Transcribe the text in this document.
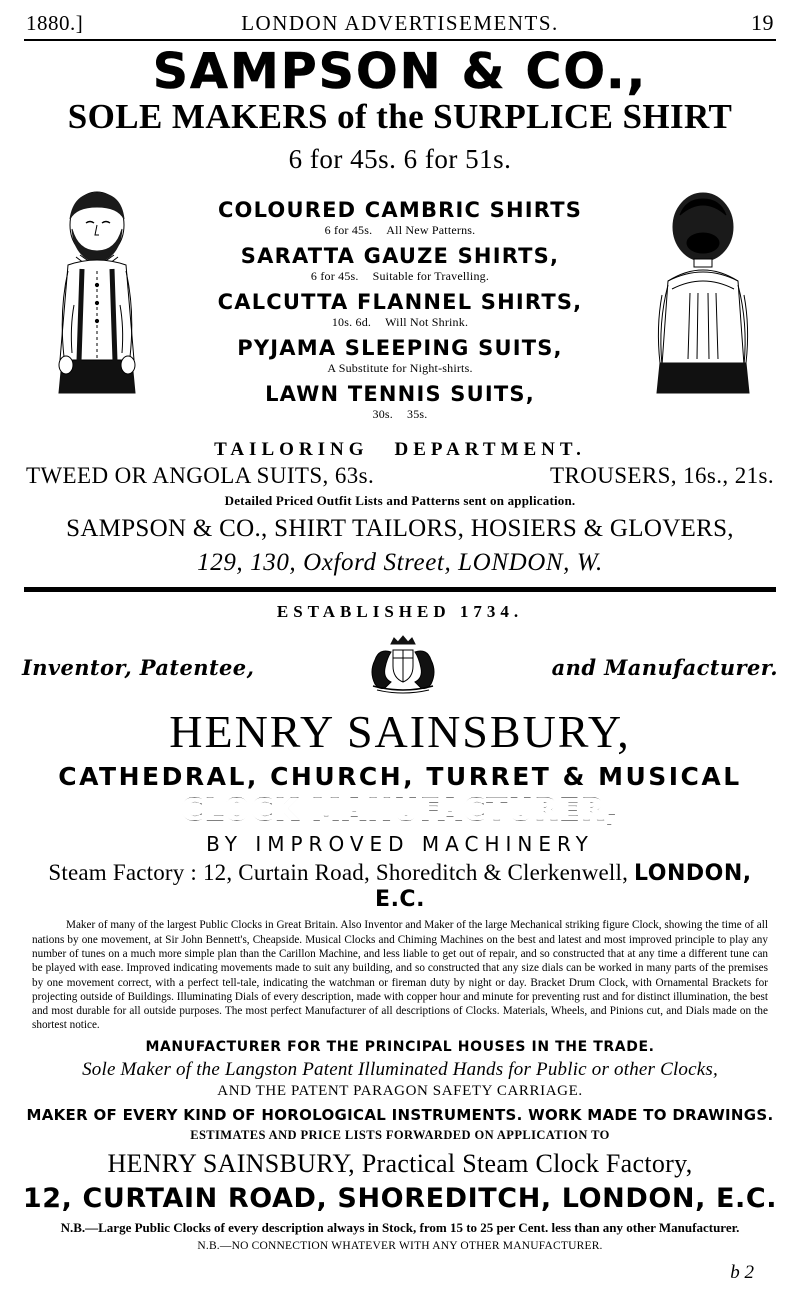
1880.]	LONDON ADVERTISEMENTS.	19
SAMPSON & CO.,
SOLE MAKERS of the SURPLICE SHIRT
6 for 45s. 6 for 51s.
COLOURED CAMBRIC SHIRTS
6 for 45s. All New Patterns.
SARATTA GAUZE SHIRTS,
6 for 45s. Suitable for Travelling.
CALCUTTA FLANNEL SHIRTS,
10s. 6d. Will Not Shrink.
PYJAMA SLEEPING SUITS,
A Substitute for Night-shirts.
LAWN TENNIS SUITS,
30s. 35s.
TAILORING DEPARTMENT.
TWEED OR ANGOLA SUITS, 63s.	TROUSERS, 16s., 21s.
Detailed Priced Outfit Lists and Patterns sent on application.
SAMPSON & CO., SHIRT TAILORS, HOSIERS & GLOVERS,
129, 130, Oxford Street, LONDON, W.
ESTABLISHED 1734.
Inventor, Patentee,	and Manufacturer.
HENRY SAINSBURY,
CATHEDRAL, CHURCH, TURRET & MUSICAL
CLOCK MANUFACTURER,
BY IMPROVED MACHINERY
Steam Factory : 12, Curtain Road, Shoreditch & Clerkenwell, LONDON, E.C.
Maker of many of the largest Public Clocks in Great Britain. Also Inventor and Maker of the large Mechanical striking figure Clock, showing the time of all nations by one movement, at Sir John Bennett's, Cheapside. Musical Clocks and Chiming Machines on the best and latest and most improved principle to play any number of tunes on a much more simple plan than the Carillon Machine, and less liable to get out of repair, and so constructed that at any time a different tune can be played with ease. Improved indicating movements made to suit any building, and so constructed that any size dials can be worked in many parts of the premises by one movement correct, with a perfect tell-tale, indicating the watchman or fireman duty by night or day. Bracket Drum Clock, with Ornamental Brackets for projecting outside of Buildings. Illuminating Dials of every description, made with copper hour and minute for preventing rust and for distinct illumination, the best and most durable for all outside purposes. The most perfect Manufacturer of all descriptions of Clocks. Materials, Wheels, and Pinions cut, and Dials made on the shortest notice.
MANUFACTURER FOR THE PRINCIPAL HOUSES IN THE TRADE.
Sole Maker of the Langston Patent Illuminated Hands for Public or other Clocks,
AND THE PATENT PARAGON SAFETY CARRIAGE.
MAKER OF EVERY KIND OF HOROLOGICAL INSTRUMENTS. WORK MADE TO DRAWINGS.
ESTIMATES AND PRICE LISTS FORWARDED ON APPLICATION TO
HENRY SAINSBURY, Practical Steam Clock Factory,
12, CURTAIN ROAD, SHOREDITCH, LONDON, E.C.
N.B.—Large Public Clocks of every description always in Stock, from 15 to 25 per Cent. less than any other Manufacturer.
N.B.—NO CONNECTION WHATEVER WITH ANY OTHER MANUFACTURER.
b 2
